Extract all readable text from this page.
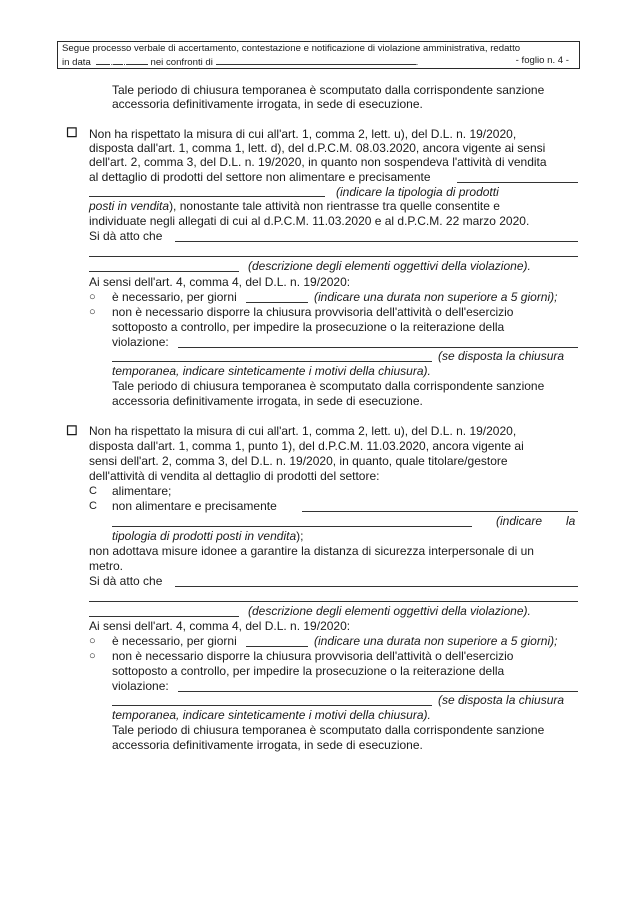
Segue processo verbale di accertamento, contestazione e notificazione di violazione amministrativa, redatto
in data . .	nei confronti di	.	- foglio n. 4 -
Tale periodo di chiusura temporanea è scomputato dalla corrispondente sanzione
accessoria definitivamente irrogata, in sede di esecuzione.
☐ Non ha rispettato la misura di cui all'art. 1, comma 2, lett. u), del D.L. n. 19/2020,
disposta dall'art. 1, comma 1, lett. d), del d.P.C.M. 08.03.2020, ancora vigente ai sensi
dell'art. 2, comma 3, del D.L. n. 19/2020, in quanto non sospendeva l'attività di vendita
al dettaglio di prodotti del settore non alimentare e precisamente
(indicare la tipologia di prodotti
posti in vendita), nonostante tale attività non rientrasse tra quelle consentite e
individuate negli allegati di cui al d.P.C.M. 11.03.2020 e al d.P.C.M. 22 marzo 2020.
Si dà atto che
(descrizione degli elementi oggettivi della violazione).
Ai sensi dell'art. 4, comma 4, del D.L. n. 19/2020:
○ è necessario, per giorni	(indicare una durata non superiore a 5 giorni);
○ non è necessario disporre la chiusura provvisoria dell'attività o dell'esercizio
sottoposto a controllo, per impedire la prosecuzione o la reiterazione della
violazione:
(se disposta la chiusura
temporanea, indicare sinteticamente i motivi della chiusura).
Tale periodo di chiusura temporanea è scomputato dalla corrispondente sanzione
accessoria definitivamente irrogata, in sede di esecuzione.
☐ Non ha rispettato la misura di cui all'art. 1, comma 2, lett. u), del D.L. n. 19/2020,
disposta dall'art. 1, comma 1, punto 1), del d.P.C.M. 11.03.2020, ancora vigente ai
sensi dell'art. 2, comma 3, del D.L. n. 19/2020, in quanto, quale titolare/gestore
dell'attività di vendita al dettaglio di prodotti del settore:
C alimentare;
C non alimentare e precisamente
(indicare la
tipologia di prodotti posti in vendita);
non adottava misure idonee a garantire la distanza di sicurezza interpersonale di un
metro.
Si dà atto che
(descrizione degli elementi oggettivi della violazione).
Ai sensi dell'art. 4, comma 4, del D.L. n. 19/2020:
○ è necessario, per giorni	(indicare una durata non superiore a 5 giorni);
○ non è necessario disporre la chiusura provvisoria dell'attività o dell'esercizio
sottoposto a controllo, per impedire la prosecuzione o la reiterazione della
violazione:
(se disposta la chiusura
temporanea, indicare sinteticamente i motivi della chiusura).
Tale periodo di chiusura temporanea è scomputato dalla corrispondente sanzione
accessoria definitivamente irrogata, in sede di esecuzione.
